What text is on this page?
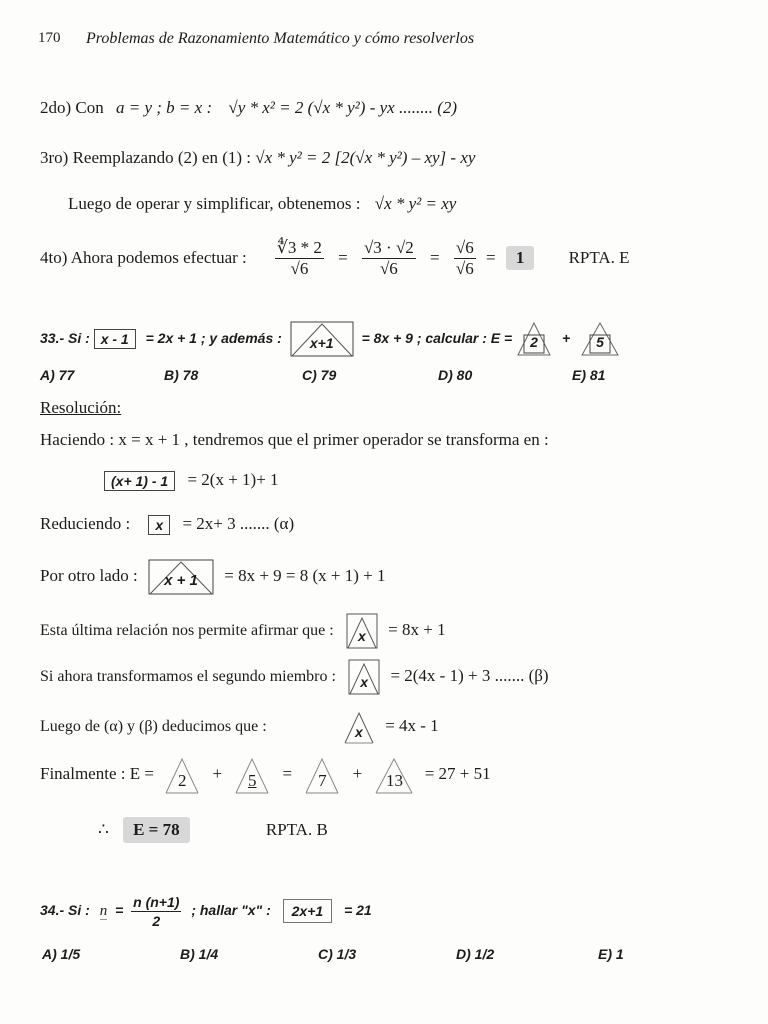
170 Problemas de Razonamiento Matemático y cómo resolverlos
2do) Con a = y ; b = x : √y * x² = 2 (√x * y²) - yx ........ (2)
3ro) Reemplazando (2) en (1) : √x * y² = 2 [2(√x * y²) – xy] - xy
Luego de operar y simplificar, obtenemos : √x * y² = xy
4to) Ahora podemos efectuar : $\frac{∜3 * 2}{√6} = \frac{√3 \cdot √2}{√6} = \frac{√6}{√6} = 1$	RPTA. E
33.- Si : x - 1 = 2x + 1 ; y además :	x+1	= 8x + 9 ; calcular : E =	2	+	5
A) 77	B) 78	C) 79	D) 80	E) 81
Resolución:
Haciendo : x = x + 1 , tendremos que el primer operador se transforma en :
(x+ 1) - 1 = 2(x + 1)+ 1
Reduciendo : x = 2x+ 3 ....... (α)
Por otro lado :	x + 1	= 8x + 9 = 8 (x + 1) + 1
Esta última relación nos permite afirmar que :	x	= 8x + 1
Si ahora transformamos el segundo miembro :	x	= 2(4x - 1) + 3 ....... (β)
Luego de (α) y (β) deducimos que :	x	= 4x - 1
Finalmente : E =	2	+	5	=	7	+	13	= 27 + 51
∴ E = 78	RPTA. B
34.- Si : $n = \frac{n (n+1)}{2}$ ; hallar "x" : 2x+1 = 21
A) 1/5	B) 1/4	C) 1/3	D) 1/2	E) 1
